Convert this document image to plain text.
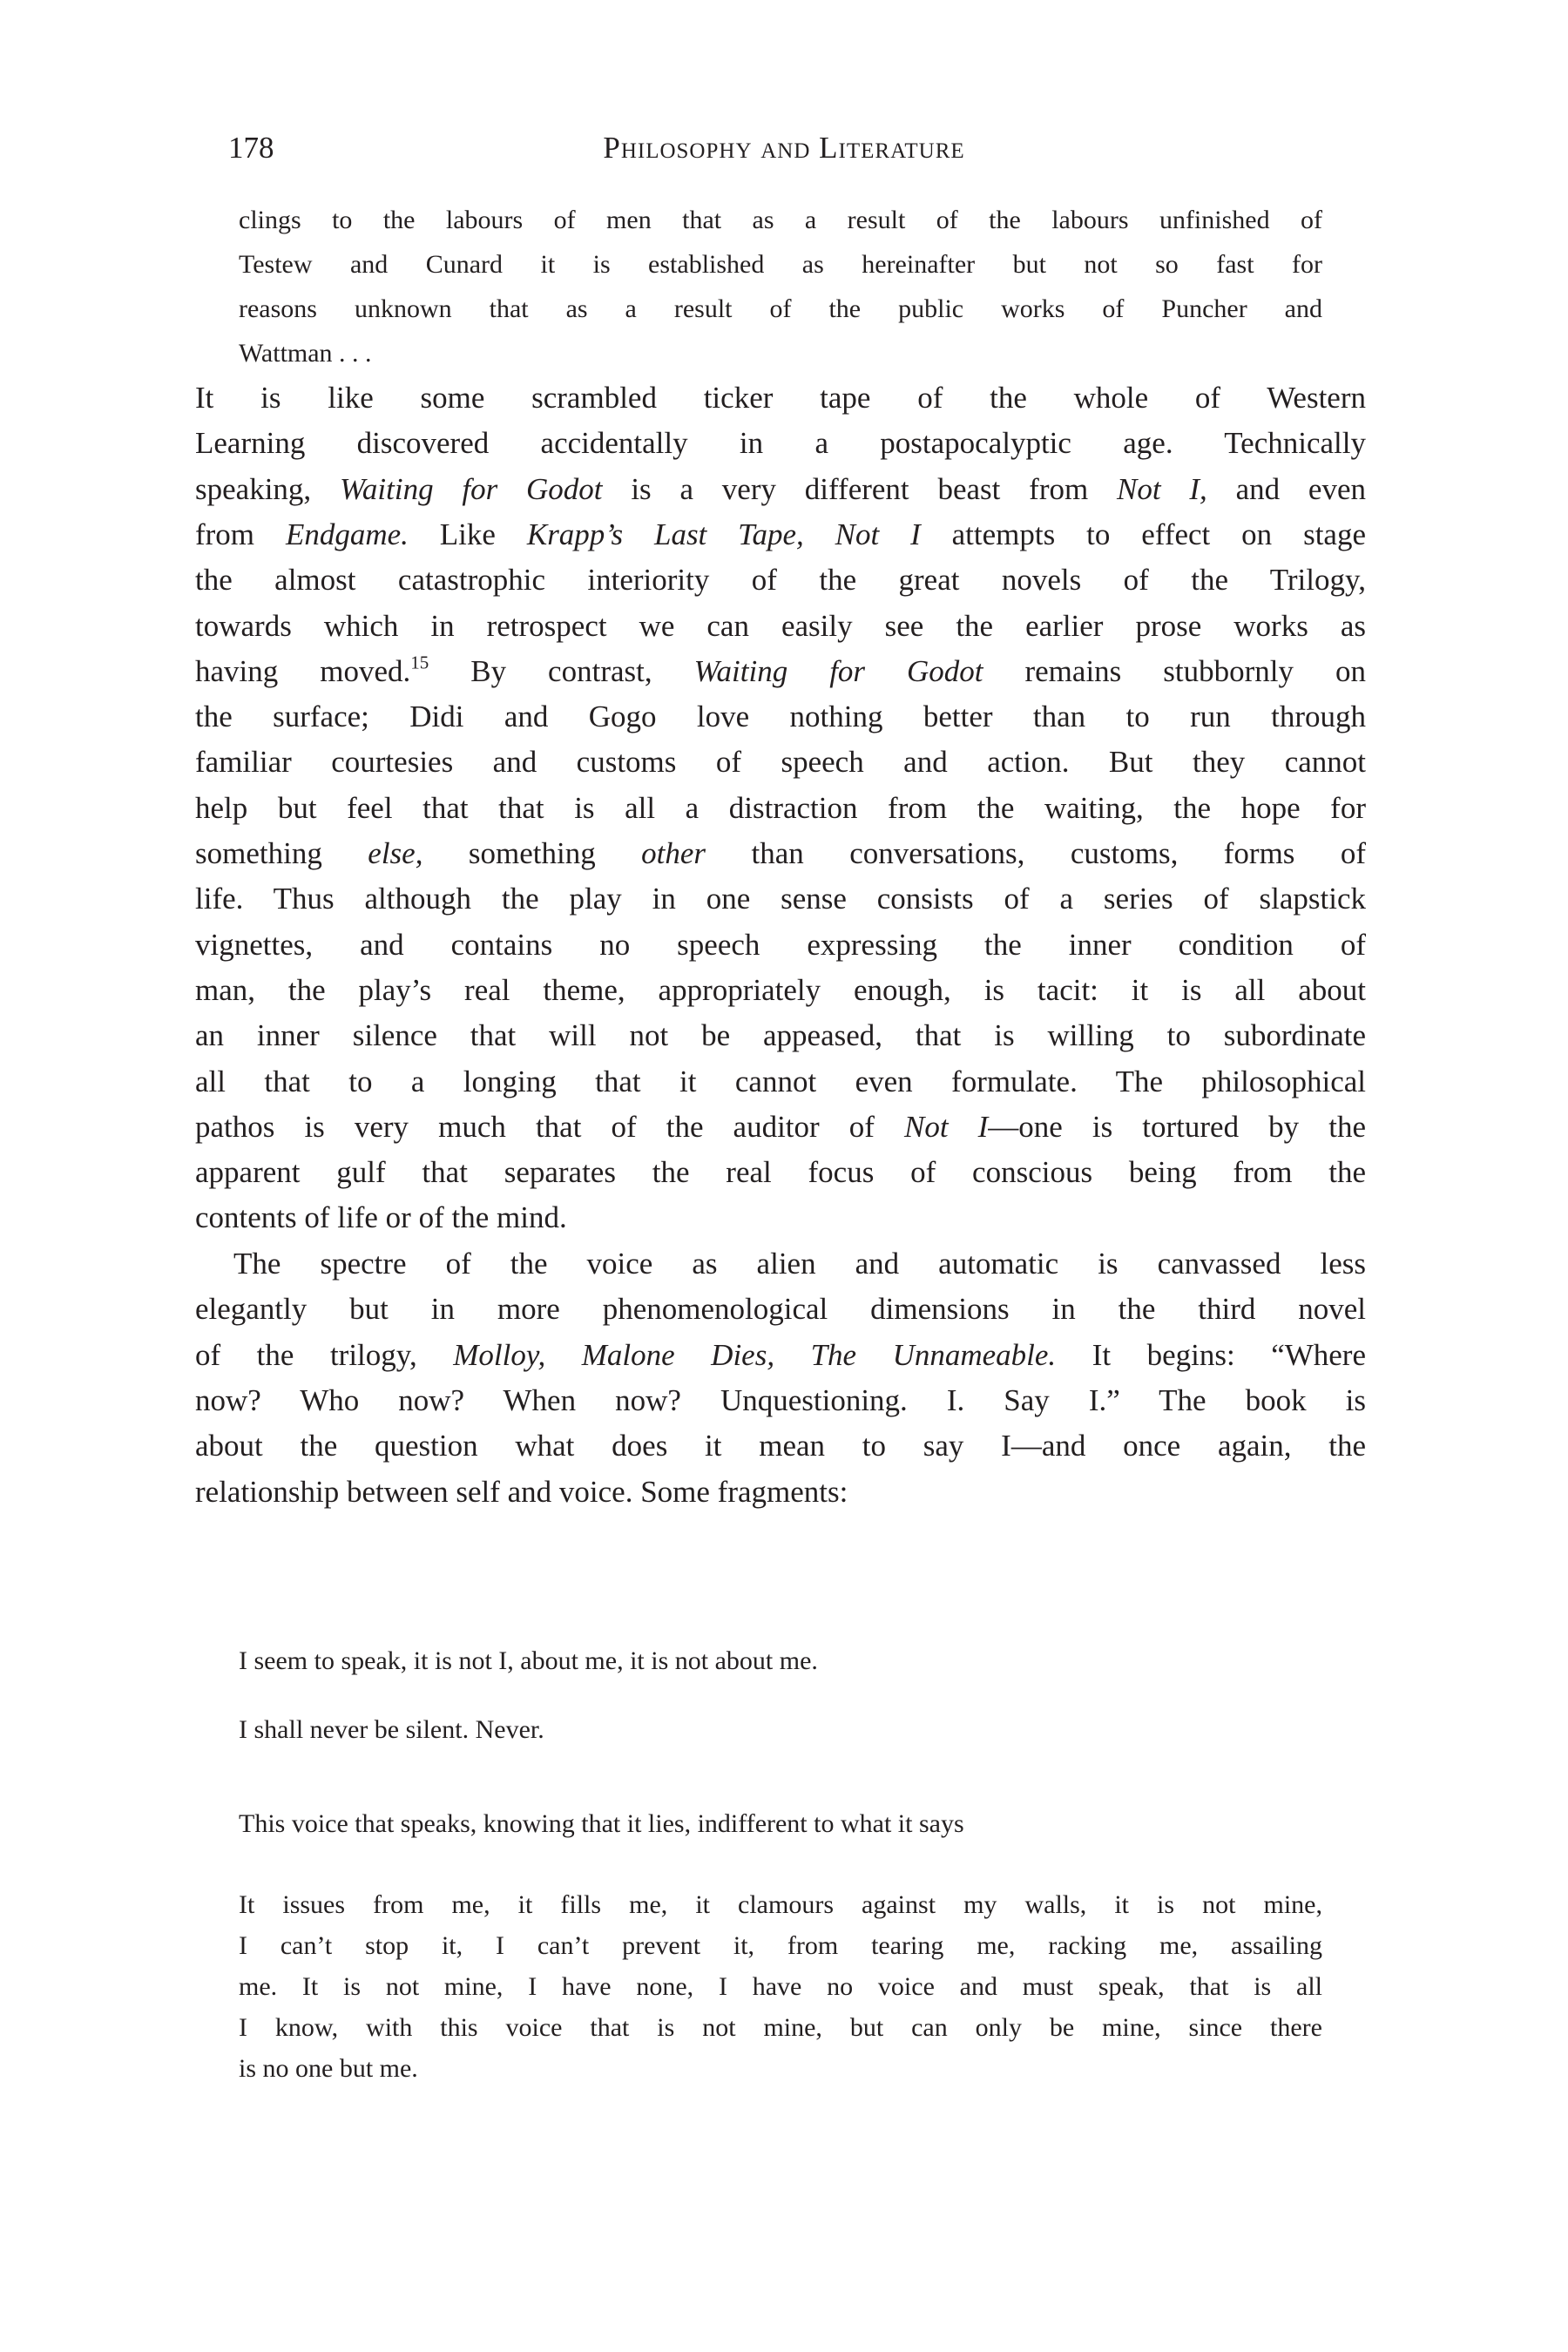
178	Philosophy and Literature
clings to the labours of men that as a result of the labours unfinished of
Testew and Cunard it is established as hereinafter but not so fast for
reasons unknown that as a result of the public works of Puncher and
Wattman . . .
It is like some scrambled ticker tape of the whole of Western
Learning discovered accidentally in a postapocalyptic age. Technically
speaking, Waiting for Godot is a very different beast from Not I, and even
from Endgame. Like Krapp’s Last Tape, Not I attempts to effect on stage
the almost catastrophic interiority of the great novels of the Trilogy,
towards which in retrospect we can easily see the earlier prose works as
having moved.$^{15}$ By contrast, Waiting for Godot remains stubbornly on
the surface; Didi and Gogo love nothing better than to run through
familiar courtesies and customs of speech and action. But they cannot
help but feel that that is all a distraction from the waiting, the hope for
something else, something other than conversations, customs, forms of
life. Thus although the play in one sense consists of a series of slapstick
vignettes, and contains no speech expressing the inner condition of
man, the play’s real theme, appropriately enough, is tacit: it is all about
an inner silence that will not be appeased, that is willing to subordinate
all that to a longing that it cannot even formulate. The philosophical
pathos is very much that of the auditor of Not I—one is tortured by the
apparent gulf that separates the real focus of conscious being from the
contents of life or of the mind.
The spectre of the voice as alien and automatic is canvassed less
elegantly but in more phenomenological dimensions in the third novel
of the trilogy, Molloy, Malone Dies, The Unnameable. It begins: “Where
now? Who now? When now? Unquestioning. I. Say I.” The book is
about the question what does it mean to say I—and once again, the
relationship between self and voice. Some fragments:
I seem to speak, it is not I, about me, it is not about me.
I shall never be silent. Never.
This voice that speaks, knowing that it lies, indifferent to what it says
It issues from me, it fills me, it clamours against my walls, it is not mine,
I can’t stop it, I can’t prevent it, from tearing me, racking me, assailing
me. It is not mine, I have none, I have no voice and must speak, that is all
I know, with this voice that is not mine, but can only be mine, since there
is no one but me.
